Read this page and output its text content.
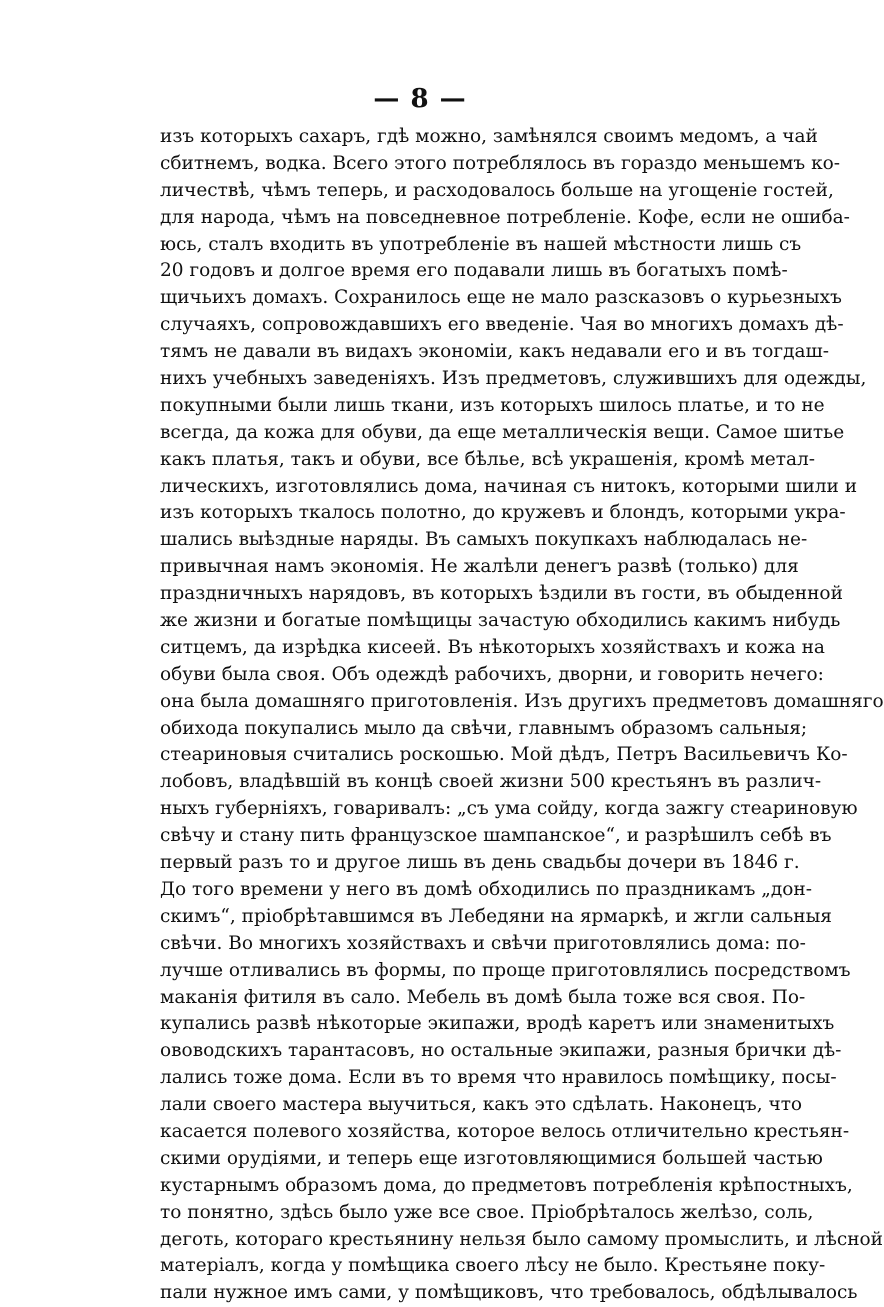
— 8 —
изъ которыхъ сахаръ, гдѣ можно, замѣнялся своимъ медомъ, а чай
сбитнемъ, водка. Всего этого потреблялось въ гораздо меньшемъ ко-
личествѣ, чѣмъ теперь, и расходовалось больше на угощеніе гостей,
для народа, чѣмъ на повседневное потребленіе. Кофе, если не ошиба-
юсь, сталъ входить въ употребленіе въ нашей мѣстности лишь съ
20 годовъ и долгое время его подавали лишь въ богатыхъ помѣ-
щичьихъ домахъ. Сохранилось еще не мало разсказовъ о курьезныхъ
случаяхъ, сопровождавшихъ его введеніе. Чая во многихъ домахъ дѣ-
тямъ не давали въ видахъ экономіи, какъ недавали его и въ тогдаш-
нихъ учебныхъ заведеніяхъ. Изъ предметовъ, служившихъ для одежды,
покупными были лишь ткани, изъ которыхъ шилось платье, и то не
всегда, да кожа для обуви, да еще металлическія вещи. Самое шитье
какъ платья, такъ и обуви, все бѣлье, всѣ украшенія, кромѣ метал-
лическихъ, изготовлялись дома, начиная съ нитокъ, которыми шили и
изъ которыхъ ткалось полотно, до кружевъ и блондъ, которыми укра-
шались выѣздные наряды. Въ самыхъ покупкахъ наблюдалась не-
привычная намъ экономія. Не жалѣли денегъ развѣ (только) для
праздничныхъ нарядовъ, въ которыхъ ѣздили въ гости, въ обыденной
же жизни и богатые помѣщицы зачастую обходились какимъ нибудь
ситцемъ, да изрѣдка кисеей. Въ нѣкоторыхъ хозяйствахъ и кожа на
обуви была своя. Объ одеждѣ рабочихъ, дворни, и говорить нечего:
она была домашняго приготовленія. Изъ другихъ предметовъ домашняго
обихода покупались мыло да свѣчи, главнымъ образомъ сальныя;
стеариновыя считались роскошью. Мой дѣдъ, Петръ Васильевичъ Ко-
лобовъ, владѣвшій въ концѣ своей жизни 500 крестьянъ въ различ-
ныхъ губерніяхъ, говаривалъ: „съ ума сойду, когда зажгу стеариновую
свѣчу и стану пить французское шампанское“, и разрѣшилъ себѣ въ
первый разъ то и другое лишь въ день свадьбы дочери въ 1846 г.
До того времени у него въ домѣ обходились по праздникамъ „дон-
скимъ“, пріобрѣтавшимся въ Лебедяни на ярмаркѣ, и жгли сальныя
свѣчи. Во многихъ хозяйствахъ и свѣчи приготовлялись дома: по-
лучше отливались въ формы, по проще приготовлялись посредствомъ
маканія фитиля въ сало. Мебель въ домѣ была тоже вся своя. По-
купались развѣ нѣкоторые экипажи, вродѣ каретъ или знаменитыхъ
ововодскихъ тарантасовъ, но остальные экипажи, разныя брички дѣ-
лались тоже дома. Если въ то время что нравилось помѣщику, посы-
лали своего мастера выучиться, какъ это сдѣлать. Наконецъ, что
касается полевого хозяйства, которое велось отличительно крестьян-
скими орудіями, и теперь еще изготовляющимися большей частью
кустарнымъ образомъ дома, до предметовъ потребленія крѣпостныхъ,
то понятно, здѣсь было уже все свое. Пріобрѣталось желѣзо, соль,
деготь, котораго крестьянину нельзя было самому промыслить, и лѣсной
матеріалъ, когда у помѣщика своего лѣсу не было. Крестьяне поку-
пали нужное имъ сами, у помѣщиковъ, что требовалось, обдѣлывалось
